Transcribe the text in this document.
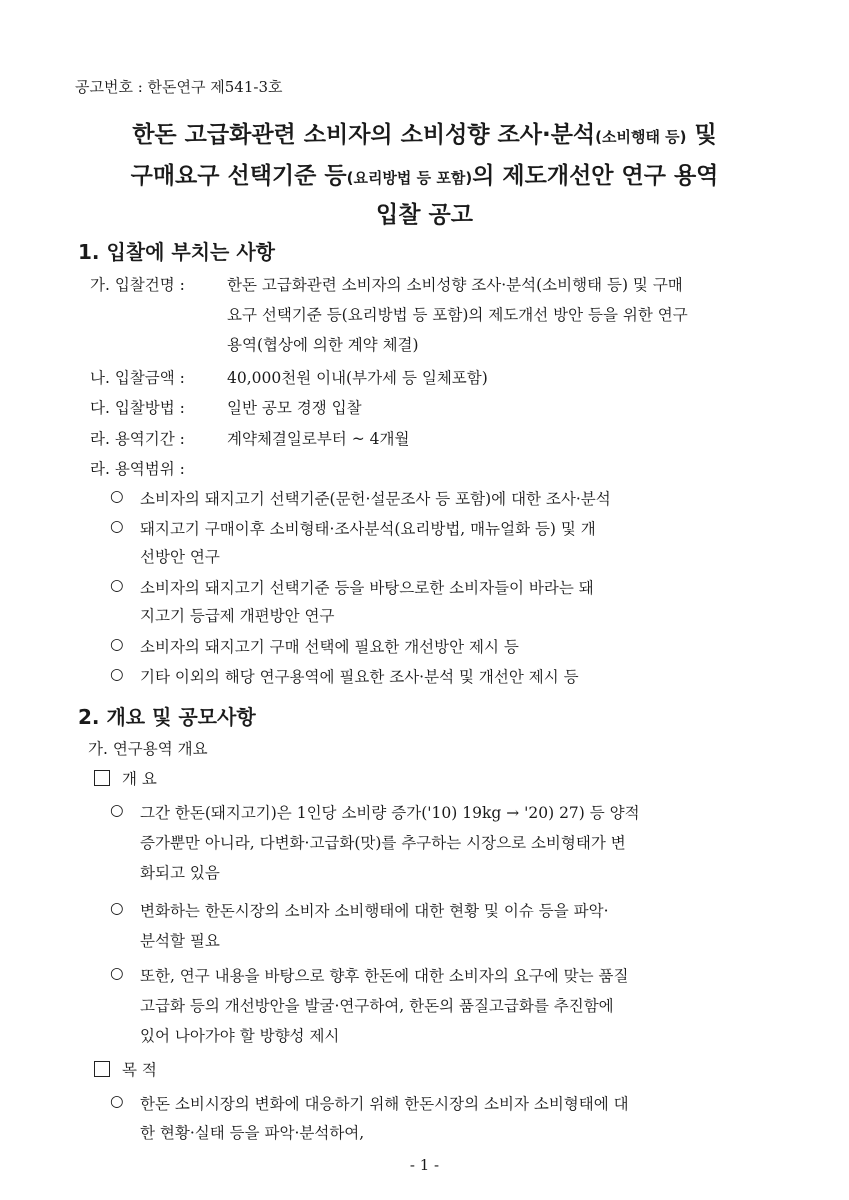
공고번호 : 한돈연구 제541-3호
한돈 고급화관련 소비자의 소비성향 조사·분석(소비행태 등) 및
구매요구 선택기준 등(요리방법 등 포함)의 제도개선안 연구 용역
입찰 공고
1. 입찰에 부치는 사항
가. 입찰건명 :	한돈 고급화관련 소비자의 소비성향 조사·분석(소비행태 등) 및 구매
요구 선택기준 등(요리방법 등 포함)의 제도개선 방안 등을 위한 연구
용역(협상에 의한 계약 체결)
나. 입찰금액 :	40,000천원 이내(부가세 등 일체포함)
다. 입찰방법 :	일반 공모 경쟁 입찰
라. 용역기간 :	계약체결일로부터 ~ 4개월
라. 용역범위 :
○ 소비자의 돼지고기 선택기준(문헌·설문조사 등 포함)에 대한 조사·분석
○ 돼지고기 구매이후 소비형태·조사분석(요리방법, 매뉴얼화 등) 및 개
선방안 연구
○ 소비자의 돼지고기 선택기준 등을 바탕으로한 소비자들이 바라는 돼
지고기 등급제 개편방안 연구
○ 소비자의 돼지고기 구매 선택에 필요한 개선방안 제시 등
○ 기타 이외의 해당 연구용역에 필요한 조사·분석 및 개선안 제시 등
2. 개요 및 공모사항
가. 연구용역 개요
개 요
○ 그간 한돈(돼지고기)은 1인당 소비량 증가('10) 19kg → '20) 27) 등 양적
증가뿐만 아니라, 다변화·고급화(맛)를 추구하는 시장으로 소비형태가 변
화되고 있음
○ 변화하는 한돈시장의 소비자 소비행태에 대한 현황 및 이슈 등을 파악·
분석할 필요
○ 또한, 연구 내용을 바탕으로 향후 한돈에 대한 소비자의 요구에 맞는 품질
고급화 등의 개선방안을 발굴·연구하여, 한돈의 품질고급화를 추진함에
있어 나아가야 할 방향성 제시
목 적
○ 한돈 소비시장의 변화에 대응하기 위해 한돈시장의 소비자 소비형태에 대
한 현황·실태 등을 파악·분석하여,
- 1 -
